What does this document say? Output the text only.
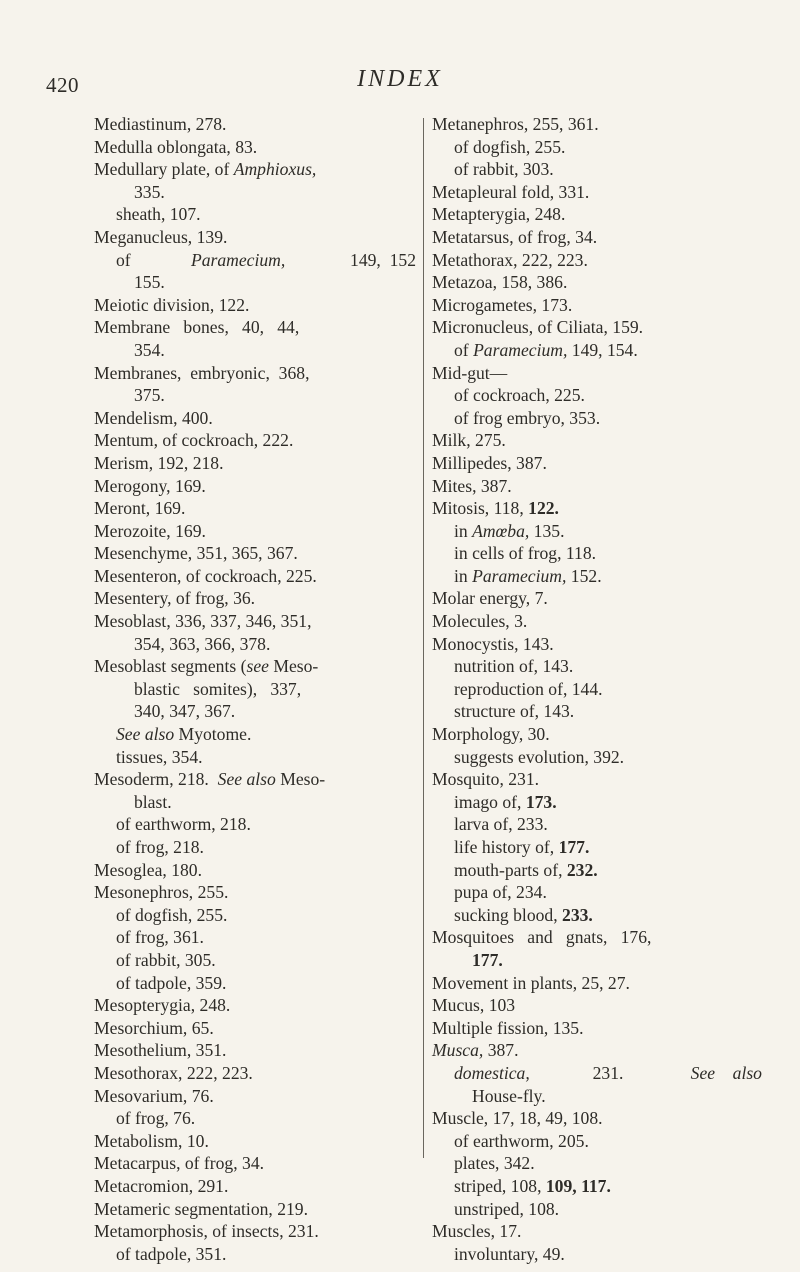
420	INDEX
Mediastinum, 278.
Medulla oblongata, 83.
Medullary plate, of Amphioxus,
335.
sheath, 107.
Meganucleus, 139.
of	Paramecium,	149,  152
155.
Meiotic division, 122.
Membrane   bones,   40,   44,
354.
Membranes,  embryonic,  368,
375.
Mendelism, 400.
Mentum, of cockroach, 222.
Merism, 192, 218.
Merogony, 169.
Meront, 169.
Merozoite, 169.
Mesenchyme, 351, 365, 367.
Mesenteron, of cockroach, 225.
Mesentery, of frog, 36.
Mesoblast, 336, 337, 346, 351,
354, 363, 366, 378.
Mesoblast segments (see Meso-
blastic   somites),   337,
340, 347, 367.
See also Myotome.
tissues, 354.
Mesoderm, 218.  See also Meso-
blast.
of earthworm, 218.
of frog, 218.
Mesoglea, 180.
Mesonephros, 255.
of dogfish, 255.
of frog, 361.
of rabbit, 305.
of tadpole, 359.
Mesopterygia, 248.
Mesorchium, 65.
Mesothelium, 351.
Mesothorax, 222, 223.
Mesovarium, 76.
of frog, 76.
Metabolism, 10.
Metacarpus, of frog, 34.
Metacromion, 291.
Metameric segmentation, 219.
Metamorphosis, of insects, 231.
of tadpole, 351.
Metanephros, 255, 361.
of dogfish, 255.
of rabbit, 303.
Metapleural fold, 331.
Metapterygia, 248.
Metatarsus, of frog, 34.
Metathorax, 222, 223.
Metazoa, 158, 386.
Microgametes, 173.
Micronucleus, of Ciliata, 159.
of Paramecium, 149, 154.
Mid-gut—
of cockroach, 225.
of frog embryo, 353.
Milk, 275.
Millipedes, 387.
Mites, 387.
Mitosis, 118, 122.
in Amœba, 135.
in cells of frog, 118.
in Paramecium, 152.
Molar energy, 7.
Molecules, 3.
Monocystis, 143.
nutrition of, 143.
reproduction of, 144.
structure of, 143.
Morphology, 30.
suggests evolution, 392.
Mosquito, 231.
imago of, 173.
larva of, 233.
life history of, 177.
mouth-parts of, 232.
pupa of, 234.
sucking blood, 233.
Mosquitoes   and   gnats,   176,
177.
Movement in plants, 25, 27.
Mucus, 103
Multiple fission, 135.
Musca, 387.
domestica,	231.	See    also
House-fly.
Muscle, 17, 18, 49, 108.
of earthworm, 205.
plates, 342.
striped, 108, 109, 117.
unstriped, 108.
Muscles, 17.
involuntary, 49.
